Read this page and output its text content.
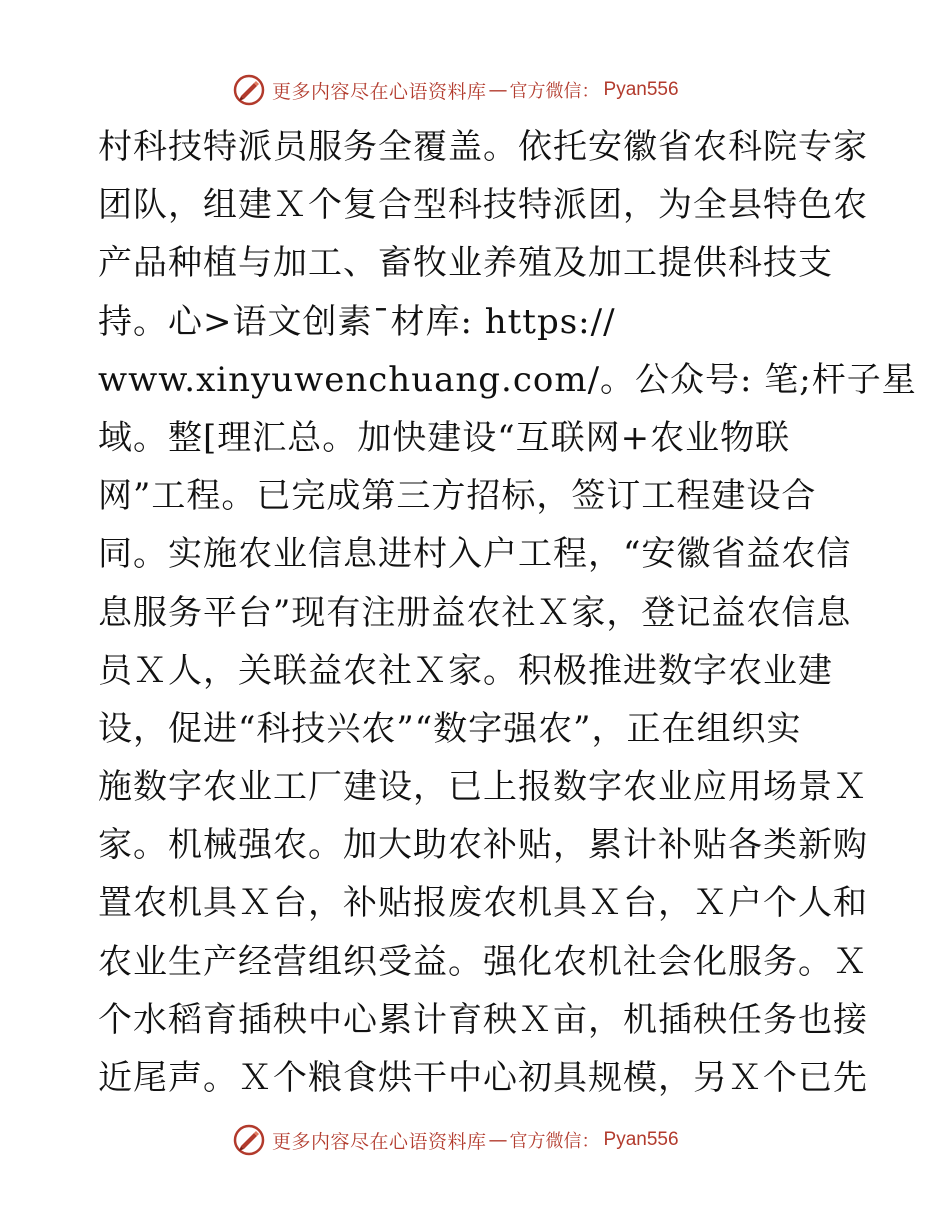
更多内容尽在心语资料库 — 官方微信： Pyan556
村科技特派员服务全覆盖。依托安徽省农科院专家
团队，组建Ｘ个复合型科技特派团，为全县特色农
产品种植与加工、畜牧业养殖及加工提供科技支
持。心>语文创素¯材库: https://
www.xinyuwenchuang.com/。公众号: 笔;杆子星
域。整[理汇总。加快建设“互联网+农业物联
网”工程。已完成第三方招标，签订工程建设合
同。实施农业信息进村入户工程，“安徽省益农信
息服务平台”现有注册益农社Ｘ家，登记益农信息
员Ｘ人，关联益农社Ｘ家。积极推进数字农业建
设，促进“科技兴农”“数字强农”，正在组织实
施数字农业工厂建设，已上报数字农业应用场景Ｘ
家。机械强农。加大助农补贴，累计补贴各类新购
置农机具Ｘ台，补贴报废农机具Ｘ台，Ｘ户个人和
农业生产经营组织受益。强化农机社会化服务。Ｘ
个水稻育插秧中心累计育秧Ｘ亩，机插秧任务也接
近尾声。Ｘ个粮食烘干中心初具规模，另Ｘ个已先
更多内容尽在心语资料库 — 官方微信： Pyan556
